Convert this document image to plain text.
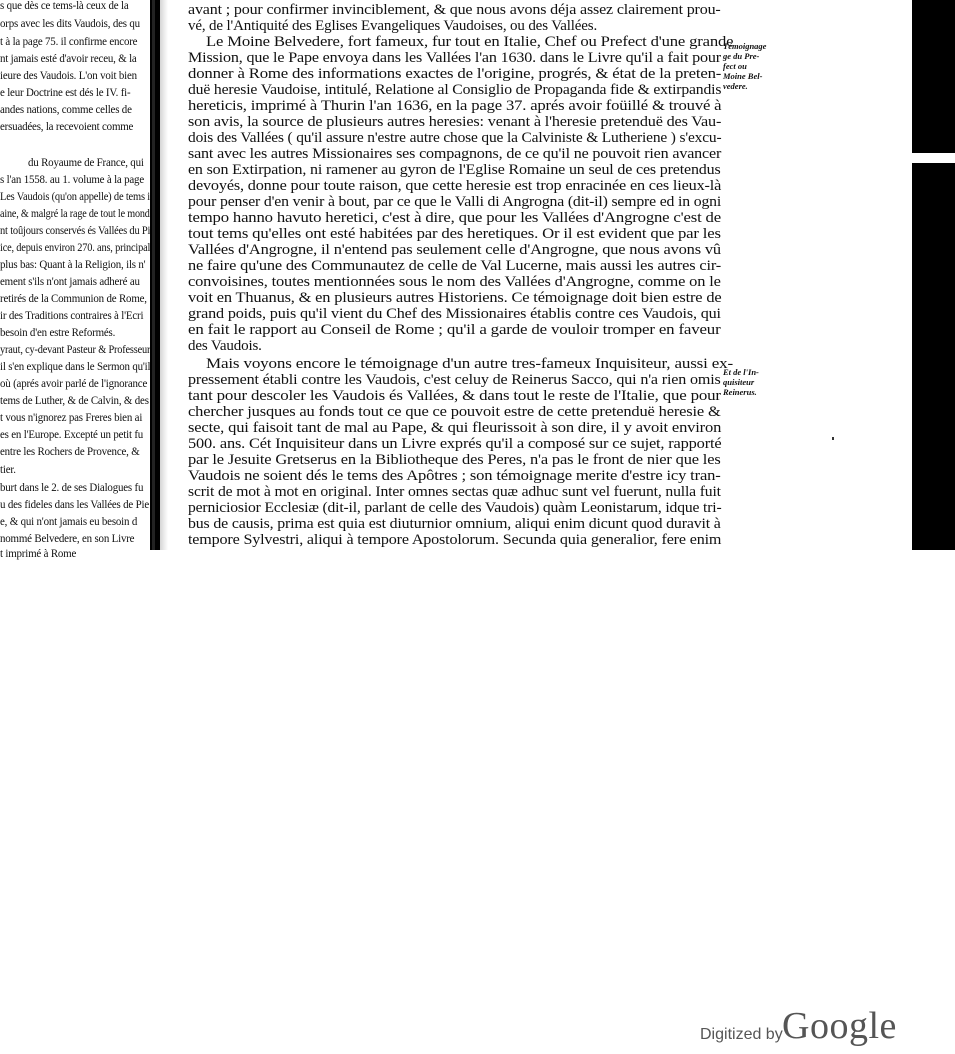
s que dès ce tems-là ceux de la
orps avec les dits Vaudois, des qu
t à la page 75. il confirme encore
nt jamais esté d'avoir receu, & la
ieure des Vaudois. L'on voit bien
e leur Doctrine est dés le IV. fi-
andes nations, comme celles de
ersuadées, la recevoient comme
du Royaume de France, qui
s l'an 1558. au 1. volume à la page
Les Vaudois (qu'on appelle) de tems i
aine, & malgré la rage de tout le mond
nt toûjours conservés és Vallées du Pi
ice, depuis environ 270. ans, principal
plus bas: Quant à la Religion, ils n'
ement s'ils n'ont jamais adheré au
retirés de la Communion de Rome,
ir des Traditions contraires à l'Ecri
besoin d'en estre Reformés.
yraut, cy-devant Pasteur & Professeur
il s'en explique dans le Sermon qu'il
où (aprés avoir parlé de l'ignorance
tems de Luther, & de Calvin, & des
t vous n'ignorez pas Freres bien ai
es en l'Europe. Excepté un petit fu
entre les Rochers de Provence, &
tier.
burt dans le 2. de ses Dialogues fu
u des fideles dans les Vallées de Pie
e, & qui n'ont jamais eu besoin d
nommé Belvedere, en son Livre
t imprimé à Rome
avant ; pour confirmer invinciblement, & que nous avons déja assez clairement prou-
vé, de l'Antiquité des Eglises Evangeliques Vaudoises, ou des Vallées.
Le Moine Belvedere, fort fameux, fur tout en Italie, Chef ou Prefect d'une grande
Mission, que le Pape envoya dans les Vallées l'an 1630. dans le Livre qu'il a fait pour
donner à Rome des informations exactes de l'origine, progrés, & état de la preten-
duë heresie Vaudoise, intitulé, Relatione al Consiglio de Propaganda fide & extirpandis
hereticis, imprimé à Thurin l'an 1636, en la page 37. aprés avoir foüillé & trouvé à
son avis, la source de plusieurs autres heresies: venant à l'heresie pretenduë des Vau-
dois des Vallées ( qu'il assure n'estre autre chose que la Calviniste & Lutheriene ) s'excu-
sant avec les autres Missionaires ses compagnons, de ce qu'il ne pouvoit rien avancer
en son Extirpation, ni ramener au gyron de l'Eglise Romaine un seul de ces pretendus
devoyés, donne pour toute raison, que cette heresie est trop enracinée en ces lieux-là
pour penser d'en venir à bout, par ce que le Valli di Angrogna (dit-il) sempre ed in ogni
tempo hanno havuto heretici, c'est à dire, que pour les Vallées d'Angrogne c'est de
tout tems qu'elles ont esté habitées par des heretiques. Or il est evident que par les
Vallées d'Angrogne, il n'entend pas seulement celle d'Angrogne, que nous avons vû
ne faire qu'une des Communautez de celle de Val Lucerne, mais aussi les autres cir-
convoisines, toutes mentionnées sous le nom des Vallées d'Angrogne, comme on le
voit en Thuanus, & en plusieurs autres Historiens. Ce témoignage doit bien estre de
grand poids, puis qu'il vient du Chef des Missionaires établis contre ces Vaudois, qui
en fait le rapport au Conseil de Rome ; qu'il a garde de vouloir tromper en faveur
des Vaudois.
Mais voyons encore le témoignage d'un autre tres-fameux Inquisiteur, aussi ex-
pressement établi contre les Vaudois, c'est celuy de Reinerus Sacco, qui n'a rien omis
tant pour descoler les Vaudois és Vallées, & dans tout le reste de l'Italie, que pour
chercher jusques au fonds tout ce que ce pouvoit estre de cette pretenduë heresie &
secte, qui faisoit tant de mal au Pape, & qui fleurissoit à son dire, il y avoit environ
500. ans. Cét Inquisiteur dans un Livre exprés qu'il a composé sur ce sujet, rapporté
par le Jesuite Gretserus en la Bibliotheque des Peres, n'a pas le front de nier que les
Vaudois ne soient dés le tems des Apôtres ; son témoignage merite d'estre icy tran-
scrit de mot à mot en original. Inter omnes sectas quæ adhuc sunt vel fuerunt, nulla fuit
perniciosior Ecclesiæ (dit-il, parlant de celle des Vaudois) quàm Leonistarum, idque tri-
bus de causis, prima est quia est diuturnior omnium, aliqui enim dicunt quod duravit à
tempore Sylvestri, aliqui à tempore Apostolorum. Secunda quia generalior, fere enim
Témoignage
ge du Pre-
fect ou
Moine Bel-
vedere.
Et de l'In-
quisiteur
Reinerus.
Digitized by Google
